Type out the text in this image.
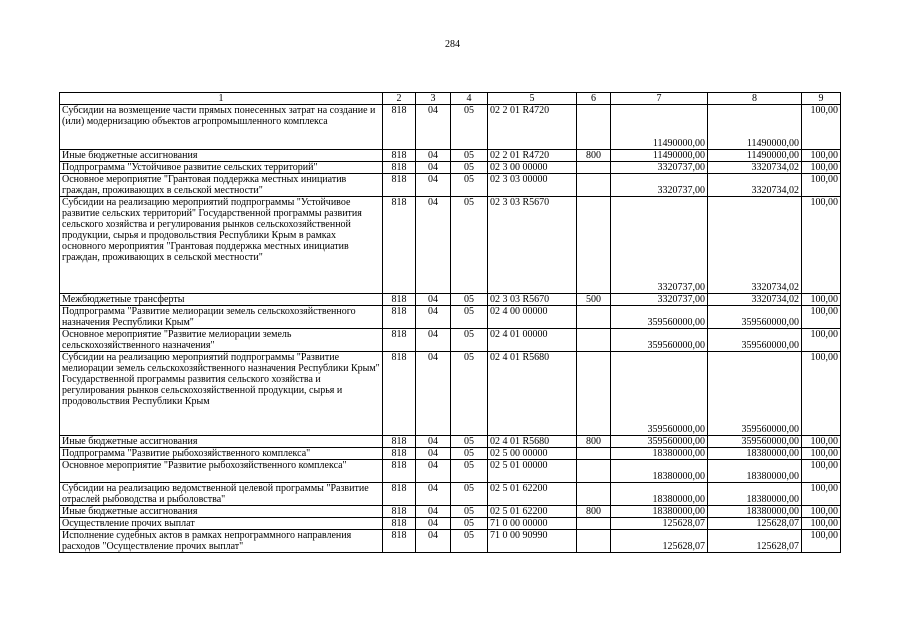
284
1	2	3	4	5	6	7	8	9
Субсидии на возмещение части прямых понесенных затрат на создание и (или) модернизацию объектов агропромышленного комплекса	818	04	05	02 2 01 R4720		11490000,00	11490000,00	100,00
Иные бюджетные ассигнования	818	04	05	02 2 01 R4720	800	11490000,00	11490000,00	100,00
Подпрограмма "Устойчивое развитие сельских территорий"	818	04	05	02 3 00 00000		3320737,00	3320734,02	100,00
Основное мероприятие "Грантовая поддержка местных инициатив граждан, проживающих в сельской местности"	818	04	05	02 3 03 00000		3320737,00	3320734,02	100,00
Субсидии на реализацию мероприятий подпрограммы "Устойчивое развитие сельских территорий" Государственной программы развития сельского хозяйства и регулирования рынков сельскохозяйственной продукции, сырья и продовольствия Республики Крым в рамках основного мероприятия "Грантовая поддержка местных инициатив граждан, проживающих в сельской местности"	818	04	05	02 3 03 R5670		3320737,00	3320734,02	100,00
Межбюджетные трансферты	818	04	05	02 3 03 R5670	500	3320737,00	3320734,02	100,00
Подпрограмма "Развитие мелиорации земель сельскохозяйственного назначения Республики Крым"	818	04	05	02 4 00 00000		359560000,00	359560000,00	100,00
Основное мероприятие "Развитие мелиорации земель сельскохозяйственного назначения"	818	04	05	02 4 01 00000		359560000,00	359560000,00	100,00
Субсидии на реализацию мероприятий подпрограммы "Развитие мелиорации земель сельскохозяйственного назначения Республики Крым" Государственной программы развития сельского хозяйства и регулирования рынков сельскохозяйственной продукции, сырья и продовольствия Республики Крым	818	04	05	02 4 01 R5680		359560000,00	359560000,00	100,00
Иные бюджетные ассигнования	818	04	05	02 4 01 R5680	800	359560000,00	359560000,00	100,00
Подпрограмма "Развитие рыбохозяйственного комплекса"	818	04	05	02 5 00 00000		18380000,00	18380000,00	100,00
Основное мероприятие "Развитие рыбохозяйственного комплекса"	818	04	05	02 5 01 00000		18380000,00	18380000,00	100,00
Субсидии на реализацию ведомственной целевой программы "Развитие отраслей рыбоводства и рыболовства"	818	04	05	02 5 01 62200		18380000,00	18380000,00	100,00
Иные бюджетные ассигнования	818	04	05	02 5 01 62200	800	18380000,00	18380000,00	100,00
Осуществление прочих выплат	818	04	05	71 0 00 00000		125628,07	125628,07	100,00
Исполнение судебных актов в рамках непрограммного направления расходов "Осуществление прочих выплат"	818	04	05	71 0 00 90990		125628,07	125628,07	100,00
